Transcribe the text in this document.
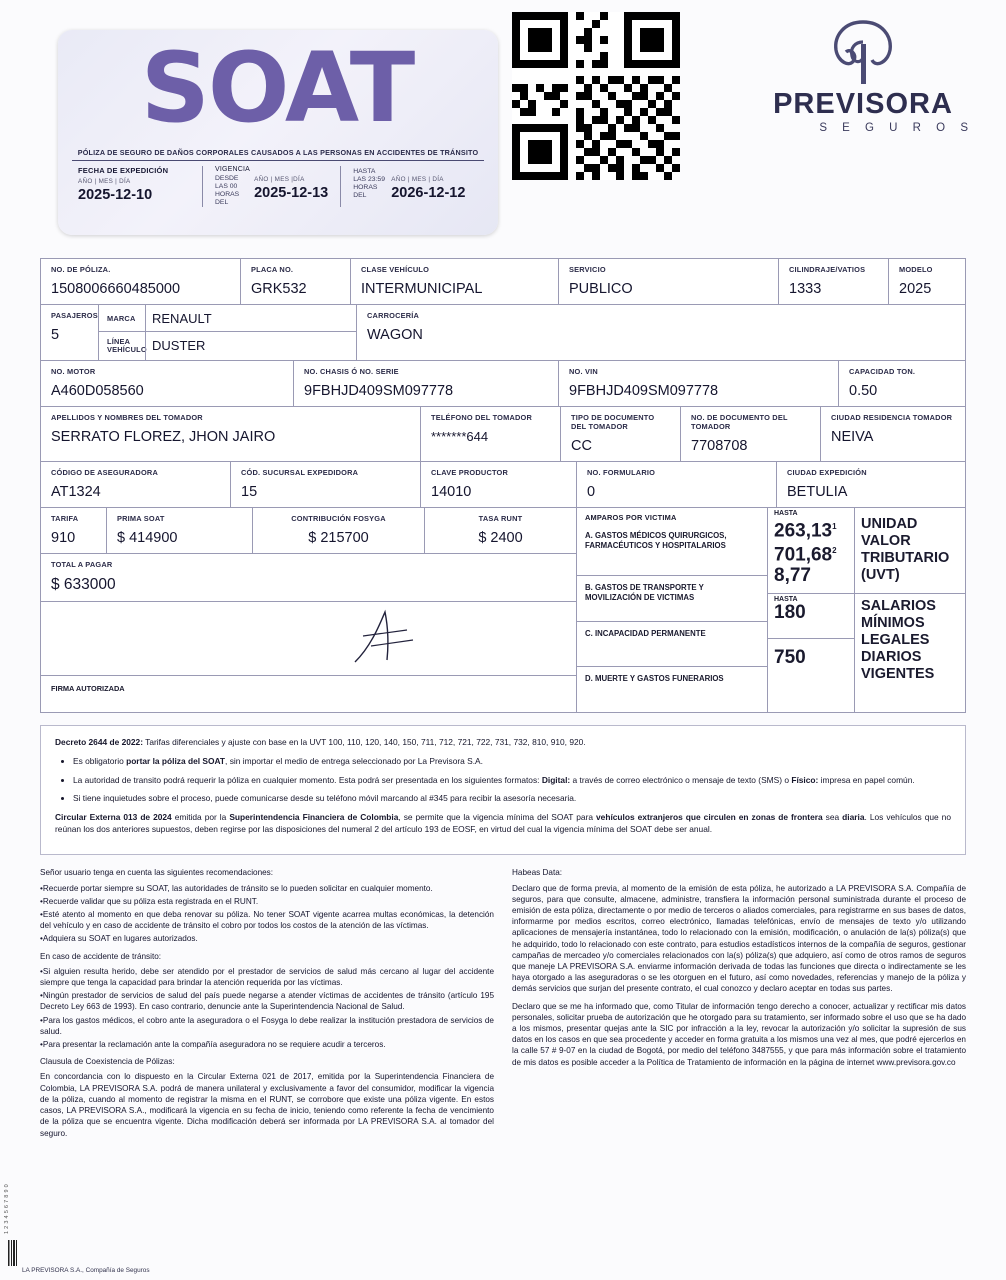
SOAT
PÓLIZA DE SEGURO DE DAÑOS CORPORALES CAUSADOS A LAS PERSONAS EN ACCIDENTES DE TRÁNSITO
FECHA DE EXPEDICIÓN
AÑO | MES | DÍA
2025-12-10
VIGENCIA
DESDE LAS 00 HORAS DEL
AÑO | MES |DÍA
2025-12-13
HASTA LAS 23:59 HORAS DEL
AÑO | MES | DÍA
2026-12-12
PREVISORA
S E G U R O S
NO. DE PÓLIZA.
1508006660485000
PLACA NO.
GRK532
CLASE VEHÍCULO
INTERMUNICIPAL
SERVICIO
PUBLICO
CILINDRAJE/VATIOS
1333
MODELO
2025
PASAJEROS
5
MARCA	RENAULT
LÍNEA VEHÍCULO DUSTER
CARROCERÍA
WAGON
NO. MOTOR
A460D058560
NO. CHASIS Ó NO. SERIE
9FBHJD409SM097778
NO. VIN
9FBHJD409SM097778
CAPACIDAD TON.
0.50
APELLIDOS Y NOMBRES DEL TOMADOR
SERRATO FLOREZ, JHON JAIRO
TELÉFONO DEL TOMADOR
*******644
TIPO DE DOCUMENTO DEL TOMADOR
CC
NO. DE DOCUMENTO DEL TOMADOR
7708708
CIUDAD RESIDENCIA TOMADOR
NEIVA
CÓDIGO DE ASEGURADORA
AT1324
CÓD. SUCURSAL EXPEDIDORA
15
CLAVE PRODUCTOR
14010
NO. FORMULARIO
0
CIUDAD EXPEDICIÓN
BETULIA
TARIFA
910
PRIMA SOAT
$ 414900
CONTRIBUCIÓN FOSYGA
$ 215700
TASA RUNT
$ 2400
TOTAL A PAGAR
$ 633000
FIRMA AUTORIZADA
AMPAROS POR VICTIMA
A. GASTOS MÉDICOS QUIRURGICOS, FARMACÉUTICOS Y HOSPITALARIOS
B. GASTOS DE TRANSPORTE Y MOVILIZACIÓN DE VICTIMAS
C. INCAPACIDAD PERMANENTE
D. MUERTE Y GASTOS FUNERARIOS
HASTA
263,13$^1$
701,68$^2$
8,77
HASTA
180
750
UNIDAD VALOR TRIBUTARIO (UVT)
SALARIOS MÍNIMOS LEGALES DIARIOS VIGENTES

Decreto 2644 de 2022: Tarifas diferenciales y ajuste con base en la UVT 100, 110, 120, 140, 150, 711, 712, 721, 722, 731, 732, 810, 910, 920.

• Es obligatorio portar la póliza del SOAT, sin importar el medio de entrega seleccionado por La Previsora S.A.
• La autoridad de transito podrá requerir la póliza en cualquier momento. Esta podrá ser presentada en los siguientes formatos: Digital: a través de correo electrónico o mensaje de texto (SMS) o Físico: impresa en papel común.
• Si tiene inquietudes sobre el proceso, puede comunicarse desde su teléfono móvil marcando al #345 para recibir la asesoría necesaria.

Circular Externa 013 de 2024 emitida por la Superintendencia Financiera de Colombia, se permite que la vigencia mínima del SOAT para vehículos extranjeros que circulen en zonas de frontera sea diaria. Los vehículos que no reúnan los dos anteriores supuestos, deben regirse por las disposiciones del numeral 2 del artículo 193 de EOSF, en virtud del cual la vigencia mínima del SOAT debe ser anual.

Señor usuario tenga en cuenta las siguientes recomendaciones:

•Recuerde portar siempre su SOAT, las autoridades de tránsito se lo pueden solicitar en cualquier momento.

•Recuerde validar que su póliza esta registrada en el RUNT.

•Esté atento al momento en que deba renovar su póliza. No tener SOAT vigente acarrea multas económicas, la detención del vehículo y en caso de accidente de tránsito el cobro por todos los costos de la atención de las víctimas.

•Adquiera su SOAT en lugares autorizados.

En caso de accidente de tránsito:

•Si alguien resulta herido, debe ser atendido por el prestador de servicios de salud más cercano al lugar del accidente siempre que tenga la capacidad para brindar la atención requerida por las víctimas.

•Ningún prestador de servicios de salud del país puede negarse a atender víctimas de accidentes de tránsito (artículo 195 Decreto Ley 663 de 1993). En caso contrario, denuncie ante la Superintendencia Nacional de Salud.

•Para los gastos médicos, el cobro ante la aseguradora o el Fosyga lo debe realizar la institución prestadora de servicios de salud.

•Para presentar la reclamación ante la compañía aseguradora no se requiere acudir a terceros.

Clausula de Coexistencia de Pólizas:

En concordancia con lo dispuesto en la Circular Externa 021 de 2017, emitida por la Superintendencia Financiera de Colombia, LA PREVISORA S.A. podrá de manera unilateral y exclusivamente a favor del consumidor, modificar la vigencia de la póliza, cuando al momento de registrar la misma en el RUNT, se corrobore que existe una póliza vigente. En estos casos, LA PREVISORA S.A., modificará la vigencia en su fecha de inicio, teniendo como referente la fecha de vencimiento de la póliza que se encuentra vigente. Dicha modificación deberá ser informada por LA PREVISORA S.A. al tomador del seguro.

Habeas Data:

Declaro que de forma previa, al momento de la emisión de esta póliza, he autorizado a LA PREVISORA S.A. Compañía de seguros, para que consulte, almacene, administre, transfiera la información personal suministrada durante el proceso de emisión de esta póliza, directamente o por medio de terceros o aliados comerciales, para registrarme en sus bases de datos, informarme por medios escritos, correo electrónico, llamadas telefónicas, envío de mensajes de texto y/o utilizando aplicaciones de mensajería instantánea, todo lo relacionado con la emisión, modificación, o anulación de la(s) póliza(s) que he adquirido, todo lo relacionado con este contrato, para estudios estadísticos internos de la compañía de seguros, gestionar campañas de mercadeo y/o comerciales relacionados con la(s) póliza(s) que adquiero, así como de otros ramos de seguros que maneje LA PREVISORA S.A. enviarme información derivada de todas las funciones que directa o indirectamente se les haya otorgado a las aseguradoras o se les otorguen en el futuro, así como novedades, referencias y manejo de la póliza y demás servicios que surjan del presente contrato, el cual conozco y declaro aceptar en todas sus partes.

Declaro que se me ha informado que, como Titular de información tengo derecho a conocer, actualizar y rectificar mis datos personales, solicitar prueba de autorización que he otorgado para su tratamiento, ser informado sobre el uso que se ha dado a los mismos, presentar quejas ante la SIC por infracción a la ley, revocar la autorización y/o solicitar la supresión de sus datos en los casos en que sea procedente y acceder en forma gratuita a los mismos una vez al mes, que podré ejercerlos en la calle 57 # 9-07 en la ciudad de Bogotá, por medio del teléfono 3487555, y que para más información sobre el tratamiento de mis datos es posible acceder a la Política de Tratamiento de información en la página de internet www.previsora.gov.co

1 2 3 4 5 6 7 8 9 0
LA PREVISORA S.A., Compañía de Seguros
